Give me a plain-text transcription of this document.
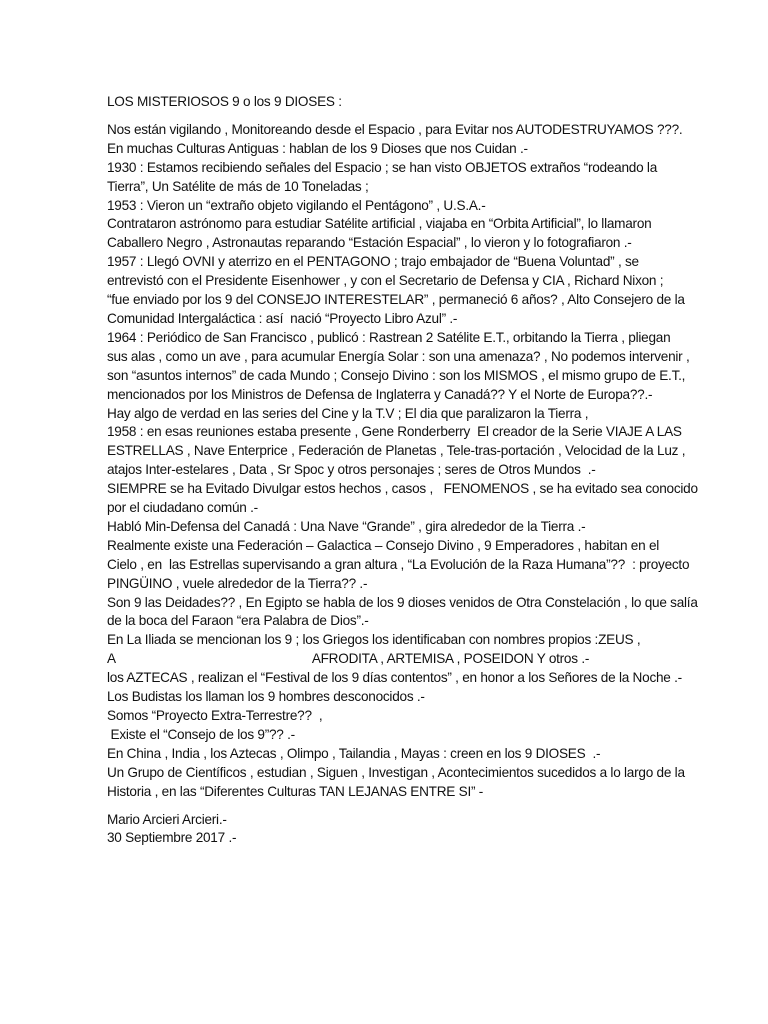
LOS MISTERIOSOS 9 o los 9 DIOSES :
Nos están vigilando , Monitoreando desde el Espacio , para Evitar nos AUTODESTRUYAMOS ???.
En muchas Culturas Antiguas : hablan de los 9 Dioses que nos Cuidan .-
1930 : Estamos recibiendo señales del Espacio ; se han visto OBJETOS extraños “rodeando la
Tierra”, Un Satélite de más de 10 Toneladas ;
1953 : Vieron un “extraño objeto vigilando el Pentágono” , U.S.A.-
Contrataron astrónomo para estudiar Satélite artificial , viajaba en “Orbita Artificial”, lo llamaron
Caballero Negro , Astronautas reparando “Estación Espacial” , lo vieron y lo fotografiaron .-
1957 : Llegó OVNI y aterrizo en el PENTAGONO ; trajo embajador de “Buena Voluntad” , se
entrevistó con el Presidente Eisenhower , y con el Secretario de Defensa y CIA , Richard Nixon ;
“fue enviado por los 9 del CONSEJO INTERESTELAR” , permaneció 6 años? , Alto Consejero de la
Comunidad Intergaláctica : así  nació “Proyecto Libro Azul” .-
1964 : Periódico de San Francisco , publicó : Rastrean 2 Satélite E.T., orbitando la Tierra , pliegan
sus alas , como un ave , para acumular Energía Solar : son una amenaza? , No podemos intervenir ,
son “asuntos internos” de cada Mundo ; Consejo Divino : son los MISMOS , el mismo grupo de E.T.,
mencionados por los Ministros de Defensa de Inglaterra y Canadá?? Y el Norte de Europa??.-
Hay algo de verdad en las series del Cine y la T.V ; El dia que paralizaron la Tierra ,
1958 : en esas reuniones estaba presente , Gene Ronderberry  El creador de la Serie VIAJE A LAS
ESTRELLAS , Nave Enterprice , Federación de Planetas , Tele-tras-portación , Velocidad de la Luz ,
atajos Inter-estelares , Data , Sr Spoc y otros personajes ; seres de Otros Mundos  .-
SIEMPRE se ha Evitado Divulgar estos hechos , casos ,   FENOMENOS , se ha evitado sea conocido
por el ciudadano común .-
Habló Min-Defensa del Canadá : Una Nave “Grande” , gira alrededor de la Tierra .-
Realmente existe una Federación – Galactica – Consejo Divino , 9 Emperadores , habitan en el
Cielo , en  las Estrellas supervisando a gran altura , “La Evolución de la Raza Humana”??  : proyecto
PINGÜINO , vuele alrededor de la Tierra?? .-
Son 9 las Deidades?? , En Egipto se habla de los 9 dioses venidos de Otra Constelación , lo que salía
de la boca del Faraon “era Palabra de Dios”.-
En La Iliada se mencionan los 9 ; los Griegos los identificaban con nombres propios :ZEUS ,
A                                                        AFRODITA , ARTEMISA , POSEIDON Y otros .-
los AZTECAS , realizan el “Festival de los 9 días contentos” , en honor a los Señores de la Noche .-
Los Budistas los llaman los 9 hombres desconocidos .-
Somos “Proyecto Extra-Terrestre??  ,
Existe el “Consejo de los 9”?? .-
En China , India , los Aztecas , Olimpo , Tailandia , Mayas : creen en los 9 DIOSES  .-
Un Grupo de Científicos , estudian , Siguen , Investigan , Acontecimientos sucedidos a lo largo de la
Historia , en las “Diferentes Culturas TAN LEJANAS ENTRE SI” -
Mario Arcieri Arcieri.-
30 Septiembre 2017 .-
